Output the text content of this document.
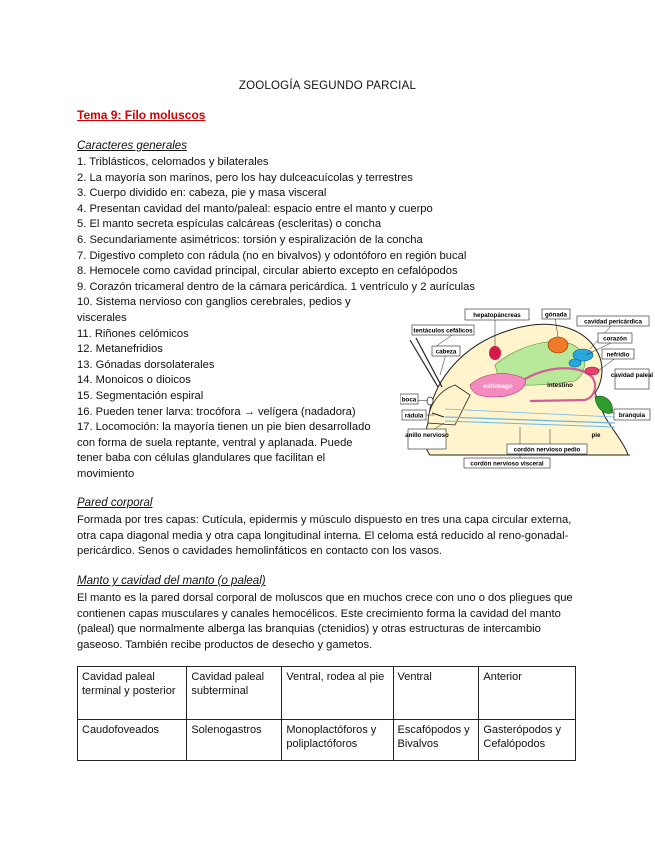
ZOOLOGÍA SEGUNDO PARCIAL
Tema 9: Filo moluscos
Caracteres generales
1. Triblásticos, celomados y bilaterales
2. La mayoría son marinos, pero los hay dulceacuícolas y terrestres
3. Cuerpo dividido en: cabeza, pie y masa visceral
4. Presentan cavidad del manto/paleal: espacio entre el manto y cuerpo
5. El manto secreta espículas calcáreas (escleritas) o concha
6. Secundariamente asimétricos: torsión y espiralización de la concha
7. Digestivo completo con rádula (no en bivalvos) y odontóforo en región bucal
8. Hemocele como cavidad principal, circular abierto excepto en cefalópodos
9. Corazón tricameral dentro de la cámara pericárdica. 1 ventrículo y 2 aurículas
10. Sistema nervioso con ganglios cerebrales, pedios y viscerales
11. Riñones celómicos
12. Metanefridios
13. Gónadas dorsolaterales
14. Monoicos o dioicos
15. Segmentación espiral
16. Pueden tener larva: trocófora → velígera (nadadora)
17. Locomoción: la mayoría tienen un pie bien desarrollado con forma de suela reptante, ventral y aplanada. Puede tener baba con células glandulares que facilitan el movimiento
hepatopáncreas	gónada
cavidad pericárdica
tentáculos cefálicos
corazón
cabeza	nefridio
estómago	intestino
cavidad paleal
boca
rádula	branquia
anillo nervioso	pie
cordón nervioso pedio
cordón nervioso visceral
Pared corporal
Formada por tres capas: Cutícula, epidermis y músculo dispuesto en tres una capa circular externa, otra capa diagonal media y otra capa longitudinal interna. El celoma está reducido al reno-gonadal-pericárdico. Senos o cavidades hemolinfáticos en contacto con los vasos.
Manto y cavidad del manto (o paleal)
El manto es la pared dorsal corporal de moluscos que en muchos crece con uno o dos pliegues que contienen capas musculares y canales hemocélicos. Este crecimiento forma la cavidad del manto (paleal) que normalmente alberga las branquias (ctenidios) y otras estructuras de intercambio gaseoso. También recibe productos de desecho y gametos.
Cavidad paleal terminal y posterior	Cavidad paleal subterminal	Ventral, rodea al pie	Ventral	Anterior
Caudofoveados	Solenogastros	Monoplactóforos y poliplactóforos	Escafópodos y Bivalvos	Gasterópodos y Cefalópodos
